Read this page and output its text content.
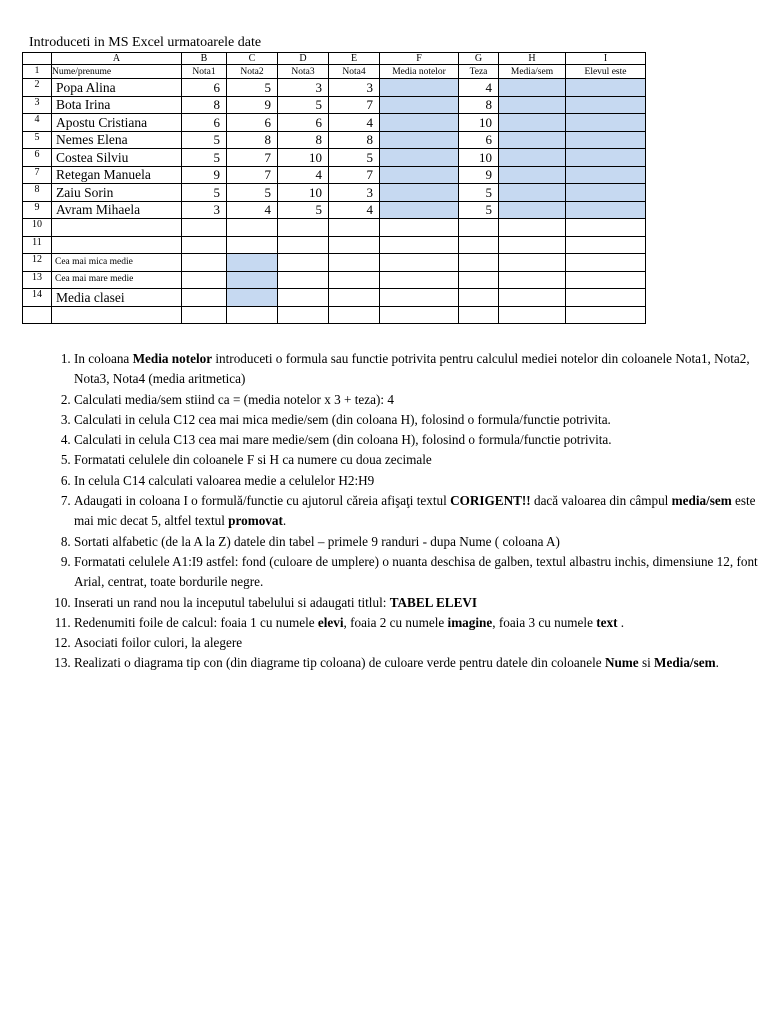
Introduceti in MS Excel urmatoarele date
	A	B	C	D	E	F	G	H	I
1	Nume/prenume	Nota1	Nota2	Nota3	Nota4	Media notelor	Teza	Media/sem	Elevul este
2	Popa Alina	6	5	3	3		4		
3	Bota Irina	8	9	5	7		8		
4	Apostu Cristiana	6	6	6	4		10		
5	Nemes Elena	5	8	8	8		6		
6	Costea Silviu	5	7	10	5		10		
7	Retegan Manuela	9	7	4	7		9		
8	Zaiu Sorin	5	5	10	3		5		
9	Avram Mihaela	3	4	5	4		5		
10									
11									
12	Cea mai mica medie								
13	Cea mai mare medie								
14	Media clasei								

1. In coloana Media notelor introduceti o formula sau functie potrivita pentru calculul mediei notelor din coloanele Nota1, Nota2, Nota3, Nota4 (media aritmetica)
2. Calculati media/sem stiind ca = (media notelor x 3 + teza): 4
3. Calculati in celula C12 cea mai mica medie/sem (din coloana H), folosind o formula/functie potrivita.
4. Calculati in celula C13 cea mai mare medie/sem (din coloana H), folosind o formula/functie potrivita.
5. Formatati celulele din coloanele F si H ca numere cu doua zecimale
6. In celula C14 calculati valoarea medie a celulelor H2:H9
7. Adaugati in coloana I o formulă/functie cu ajutorul căreia afişaţi textul CORIGENT!! dacă valoarea din câmpul media/sem este mai mic decat 5, altfel textul promovat.
8. Sortati alfabetic (de la A la Z) datele din tabel – primele 9 randuri - dupa Nume ( coloana A)
9. Formatati celulele A1:I9 astfel: fond (culoare de umplere) o nuanta deschisa de galben, textul albastru inchis, dimensiune 12, font Arial, centrat, toate bordurile negre.
10. Inserati un rand nou la inceputul tabelului si adaugati titlul: TABEL ELEVI
11. Redenumiti foile de calcul: foaia 1 cu numele elevi, foaia 2 cu numele imagine, foaia 3 cu numele text .
12. Asociati foilor culori, la alegere
13. Realizati o diagrama tip con (din diagrame tip coloana) de culoare verde pentru datele din coloanele Nume si Media/sem.
